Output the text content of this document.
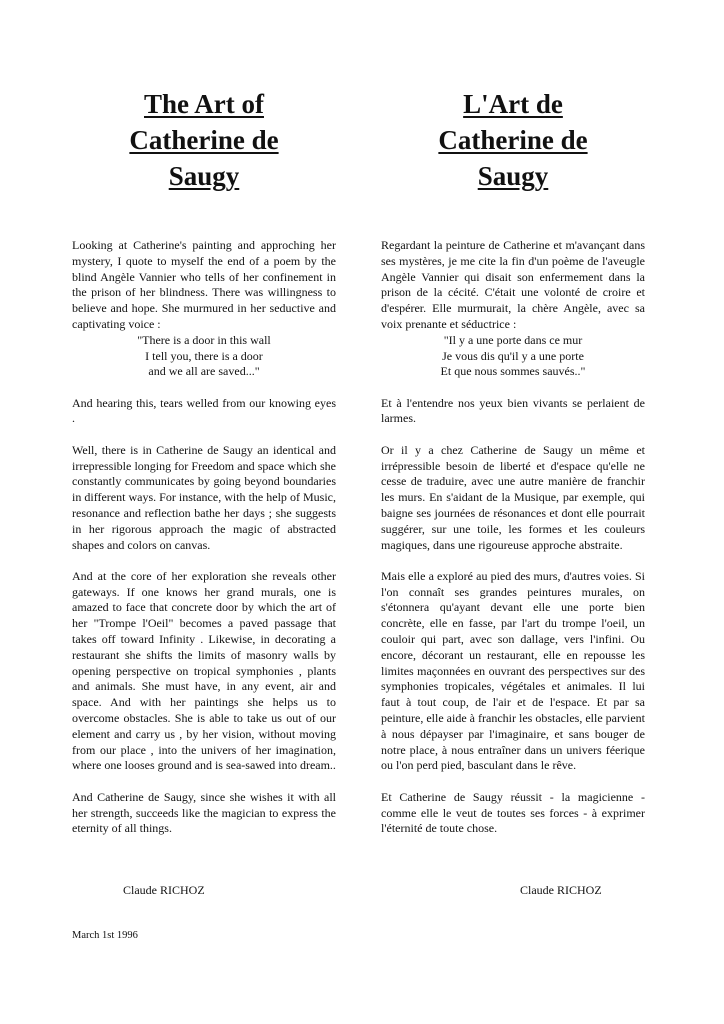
The Art of
Catherine de
Saugy

Looking at Catherine's painting and approching her mystery, I quote to myself the end of a poem by the blind Angèle Vannier who tells of her confinement in the prison of her blindness. There was willingness to believe and hope. She murmured in her seductive and captivating voice :

"There is a door in this wall
I tell you, there is a door
and we all are saved..."

And hearing this, tears welled from our knowing eyes .

Well, there is in Catherine de Saugy an identical and irrepressible longing for Freedom and space which she constantly communicates by going beyond boundaries in different ways. For instance, with the help of Music, resonance and reflection bathe her days ; she suggests in her rigorous approach the magic of abstracted shapes and colors on canvas.

And at the core of her exploration she reveals other gateways. If one knows her grand murals, one is amazed to face that concrete door by which the art of her "Trompe l'Oeil" becomes a paved passage that takes off toward Infinity . Likewise, in decorating a restaurant she shifts the limits of masonry walls by opening perspective on tropical symphonies , plants and animals. She must have, in any event, air and space. And with her paintings she helps us to overcome obstacles. She is able to take us out of our element and carry us , by her vision, without moving from our place , into the univers of her imagination, where one looses ground and is sea-sawed into dream..

And Catherine de Saugy, since she wishes it with all her strength, succeeds like the magician to express the eternity of all things.

L'Art de
Catherine de
Saugy

Regardant la peinture de Catherine et m'avançant dans ses mystères, je me cite la fin d'un poème de l'aveugle Angèle Vannier qui disait son enfermement dans la prison de la cécité. C'était une volonté de croire et d'espérer. Elle murmurait, la chère Angèle, avec sa voix prenante et séductrice :

"Il y a une porte dans ce mur
Je vous dis qu'il y a une porte
Et que nous sommes sauvés.."

Et à l'entendre nos yeux bien vivants se perlaient de larmes.

Or il y a chez Catherine de Saugy un même et irrépressible besoin de liberté et d'espace qu'elle ne cesse de traduire, avec une autre manière de franchir les murs. En s'aidant de la Musique, par exemple, qui baigne ses journées de résonances et dont elle pourrait suggérer, sur une toile, les formes et les couleurs magiques, dans une rigoureuse approche abstraite.

Mais elle a exploré au pied des murs, d'autres voies. Si l'on connaît ses grandes peintures murales, on s'étonnera qu'ayant devant elle une porte bien concrète, elle en fasse, par l'art du trompe l'oeil, un couloir qui part, avec son dallage, vers l'infini. Ou encore, décorant un restaurant, elle en repousse les limites maçonnées en ouvrant des perspectives sur des symphonies tropicales, végétales et animales. Il lui faut à tout coup, de l'air et de l'espace. Et par sa peinture, elle aide à franchir les obstacles, elle parvient à nous dépayser par l'imaginaire, et sans bouger de notre place, à nous entraîner dans un univers féerique ou l'on perd pied, basculant dans le rêve.

Et Catherine de Saugy réussit - la magicienne - comme elle le veut de toutes ses forces - à exprimer l'éternité de toute chose.

Claude RICHOZ	Claude RICHOZ
March 1st 1996
